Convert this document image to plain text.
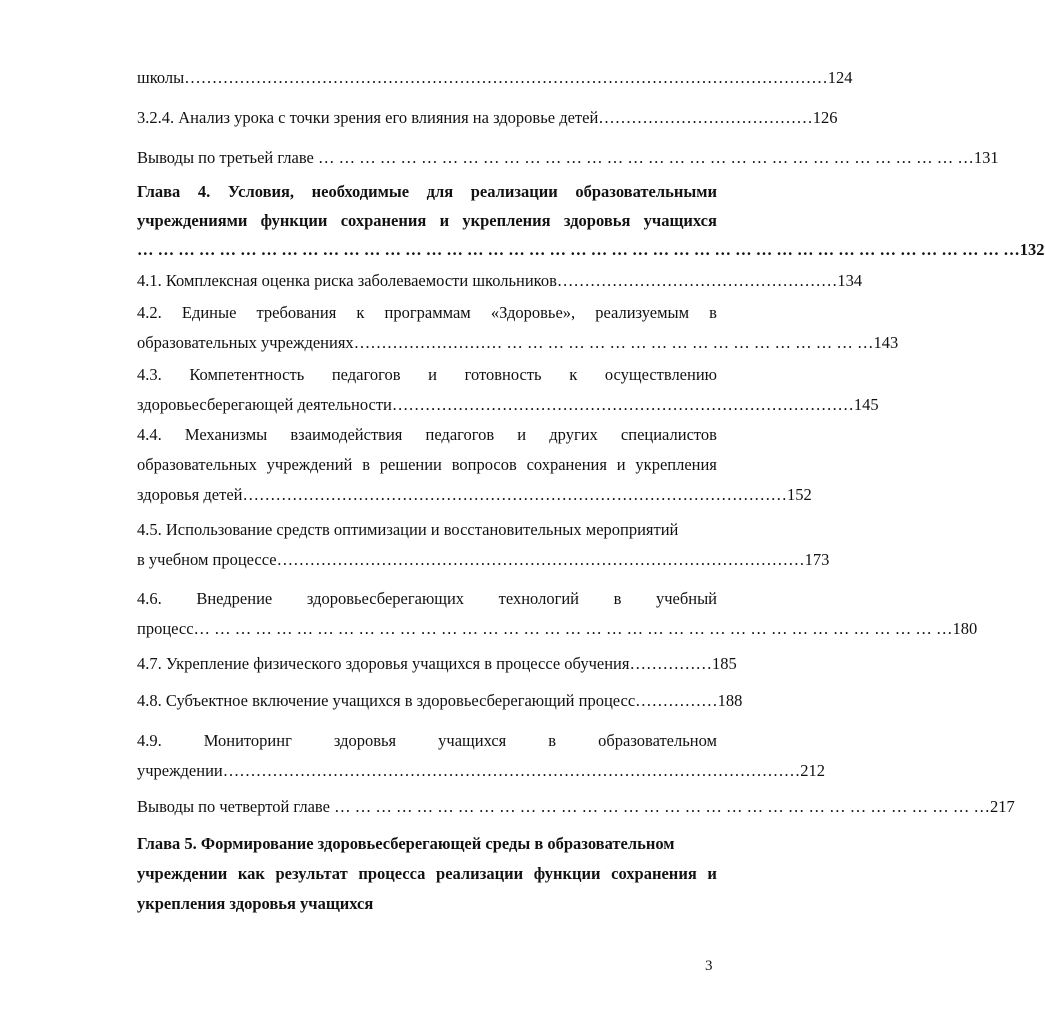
школы ……………………………………………………………………………………………………… 124
3.2.4. Анализ урока с точки зрения его влияния на здоровье детей ………………………………… 126
Выводы по третьей главе … … … … … … … … … … … … … … … … … … … … … … … … … … … … … … … … 131
Глава 4. Условия, необходимые для реализации образовательными
учреждениями функции сохранения и укрепления здоровья учащихся
… … … … … … … … … … … … … … … … … … … … … … … … … … … … … … … … … … … … … … … … … … … 132
4.1. Комплексная оценка риска заболеваемости школьников …………………………………………… 134
4.2. Единые требования к программам «Здоровье», реализуемым в
образовательных учреждениях ……………………… … … … … … … … … … … … … … … … … … … 143
4.3. Компетентность педагогов и готовность к осуществлению
здоровьесберегающей деятельности ………………………………………………………………………… 145
4.4. Механизмы взаимодействия педагогов и других специалистов
образовательных учреждений в решении вопросов сохранения и укрепления
здоровья детей ……………………………………………………………………………………… 152
4.5. Использование средств оптимизации и восстановительных мероприятий
в учебном процессе …………………………………………………………………………………… 173
4.6. Внедрение здоровьесберегающих технологий в учебный
процесс … … … … … … … … … … … … … … … … … … … … … … … … … … … … … … … … … … … … … 180
4.7. Укрепление физического здоровья учащихся в процессе обучения …………… 185
4.8. Субъектное включение учащихся в здоровьесберегающий процесс …………… 188
4.9.	Мониторинг	здоровья	учащихся	в	образовательном
учреждении …………………………………………………………………………………………… 212
Выводы по четвертой главе … … … … … … … … … … … … … … … … … … … … … … … … … … … … … … … … 217
Глава 5. Формирование здоровьесберегающей среды в образовательном
учреждении как результат процесса реализации функции сохранения и
укрепления здоровья учащихся
3
